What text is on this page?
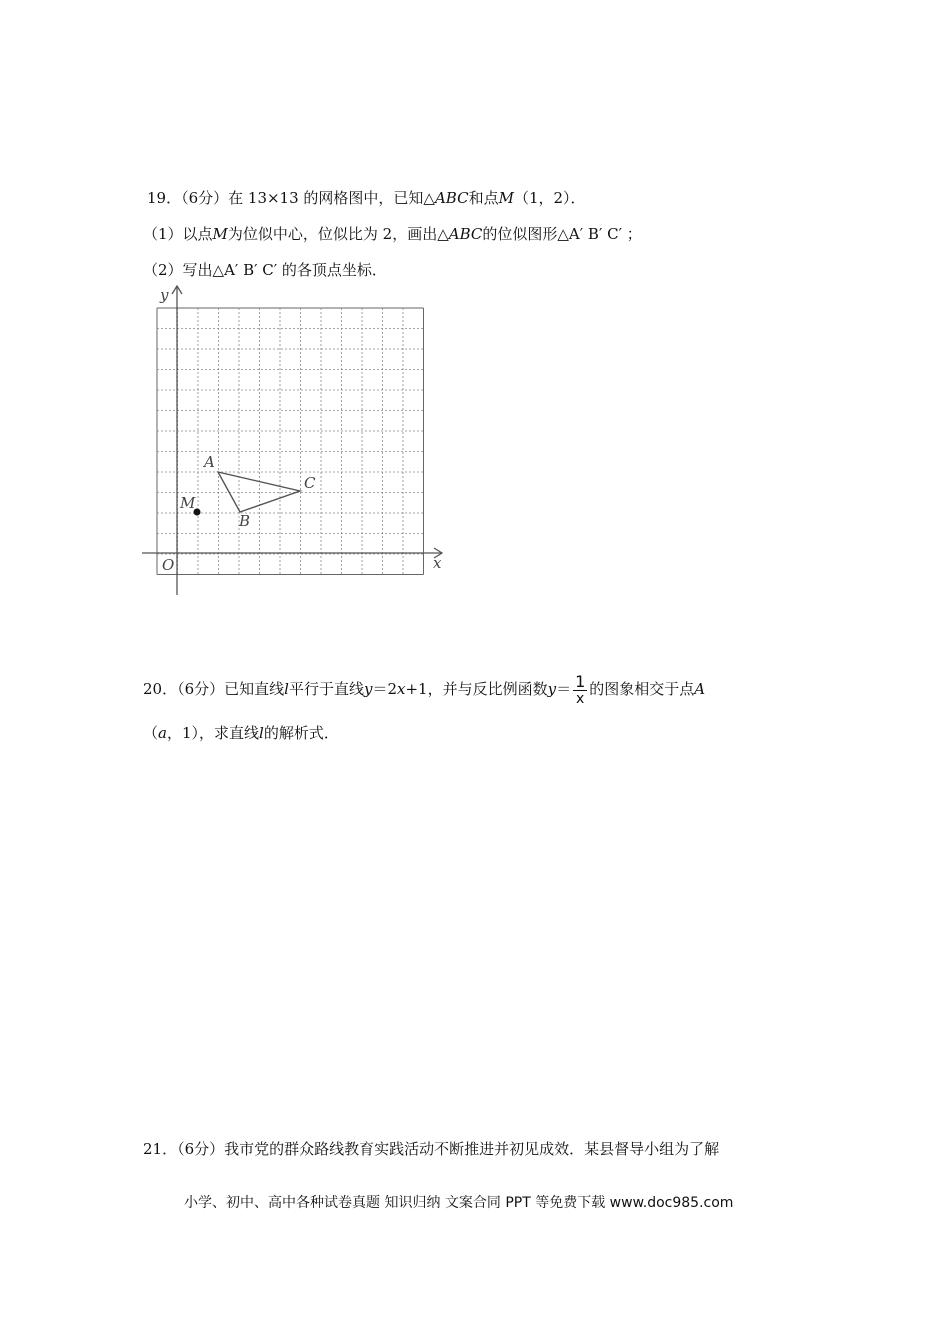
19．（6分）在 13×13 的网格图中，已知△ABC和点M（1，2）．
（1）以点M为位似中心，位似比为 2，画出△ABC的位似图形△A′ B′ C′ ；
（2）写出△A′ B′ C′ 的各顶点坐标．
y
x
O
A
B
C
M
20．（6分）已知直线l平行于直线y＝2x+1，并与反比例函数$y= \frac{1}{x}$ 的图象相交于点A
（a，1），求直线l的解析式．
21．（6分）我市党的群众路线教育实践活动不断推进并初见成效．某县督导小组为了解
小学、初中、高中各种试卷真题 知识归纳 文案合同 PPT 等免费下载 www.doc985.com
